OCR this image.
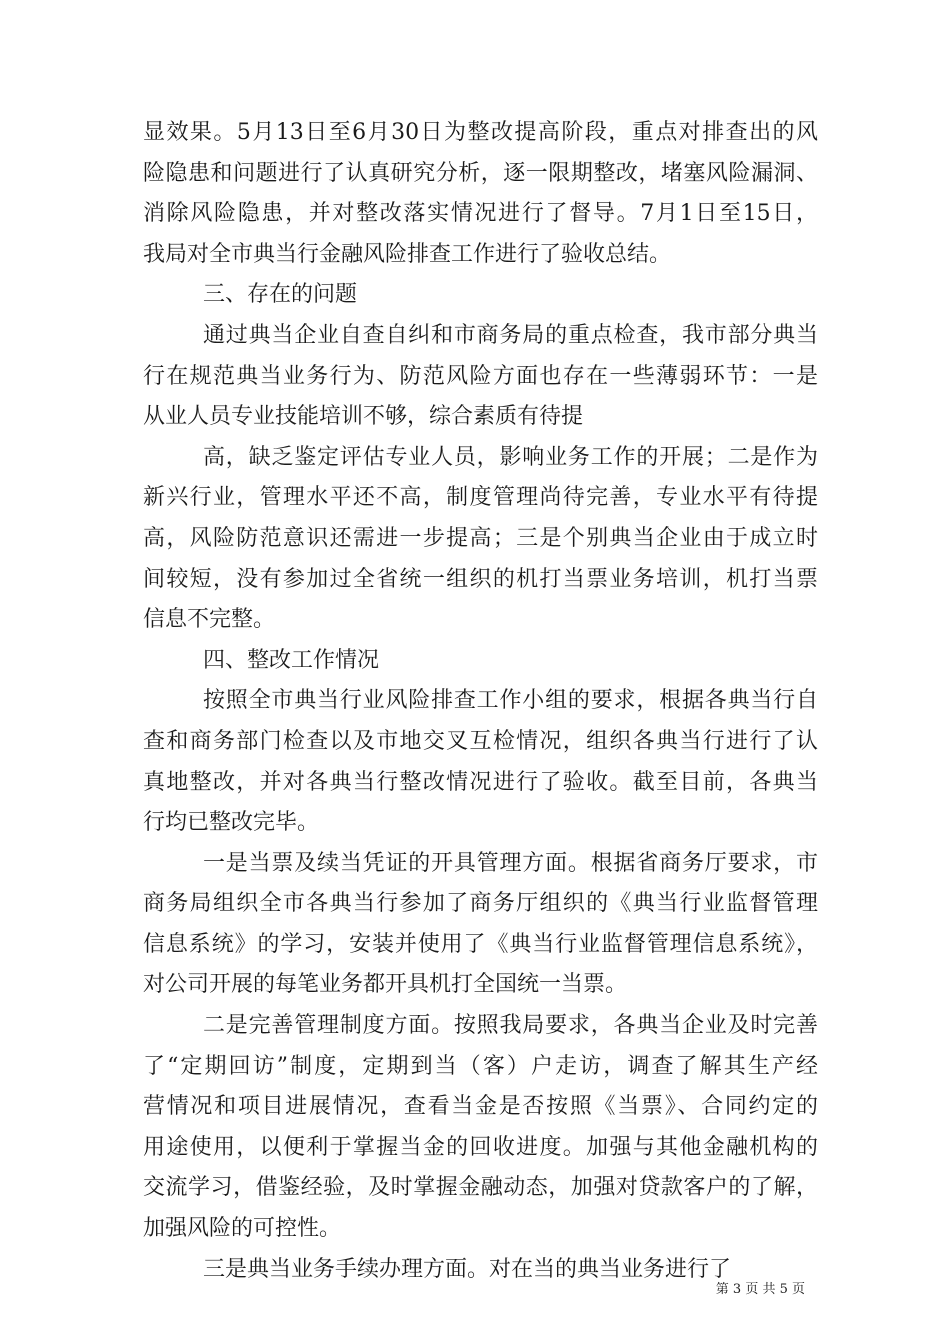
显效果。5月13日至6月30日为整改提高阶段，重点对排查出的风
险隐患和问题进行了认真研究分析，逐一限期整改，堵塞风险漏洞、
消除风险隐患，并对整改落实情况进行了督导。7月1日至15日，
我局对全市典当行金融风险排查工作进行了验收总结。
三、存在的问题
通过典当企业自查自纠和市商务局的重点检查，我市部分典当
行在规范典当业务行为、防范风险方面也存在一些薄弱环节：一是
从业人员专业技能培训不够，综合素质有待提
高，缺乏鉴定评估专业人员，影响业务工作的开展；二是作为
新兴行业，管理水平还不高，制度管理尚待完善，专业水平有待提
高，风险防范意识还需进一步提高；三是个别典当企业由于成立时
间较短，没有参加过全省统一组织的机打当票业务培训，机打当票
信息不完整。
四、整改工作情况
按照全市典当行业风险排查工作小组的要求，根据各典当行自
查和商务部门检查以及市地交叉互检情况，组织各典当行进行了认
真地整改，并对各典当行整改情况进行了验收。截至目前，各典当
行均已整改完毕。
一是当票及续当凭证的开具管理方面。根据省商务厅要求，市
商务局组织全市各典当行参加了商务厅组织的《典当行业监督管理
信息系统》的学习，安装并使用了《典当行业监督管理信息系统》，
对公司开展的每笔业务都开具机打全国统一当票。
二是完善管理制度方面。按照我局要求，各典当企业及时完善
了“定期回访”制度，定期到当（客）户走访，调查了解其生产经
营情况和项目进展情况，查看当金是否按照《当票》、合同约定的
用途使用，以便利于掌握当金的回收进度。加强与其他金融机构的
交流学习，借鉴经验，及时掌握金融动态，加强对贷款客户的了解，
加强风险的可控性。
三是典当业务手续办理方面。对在当的典当业务进行了
第 3 页 共 5 页
